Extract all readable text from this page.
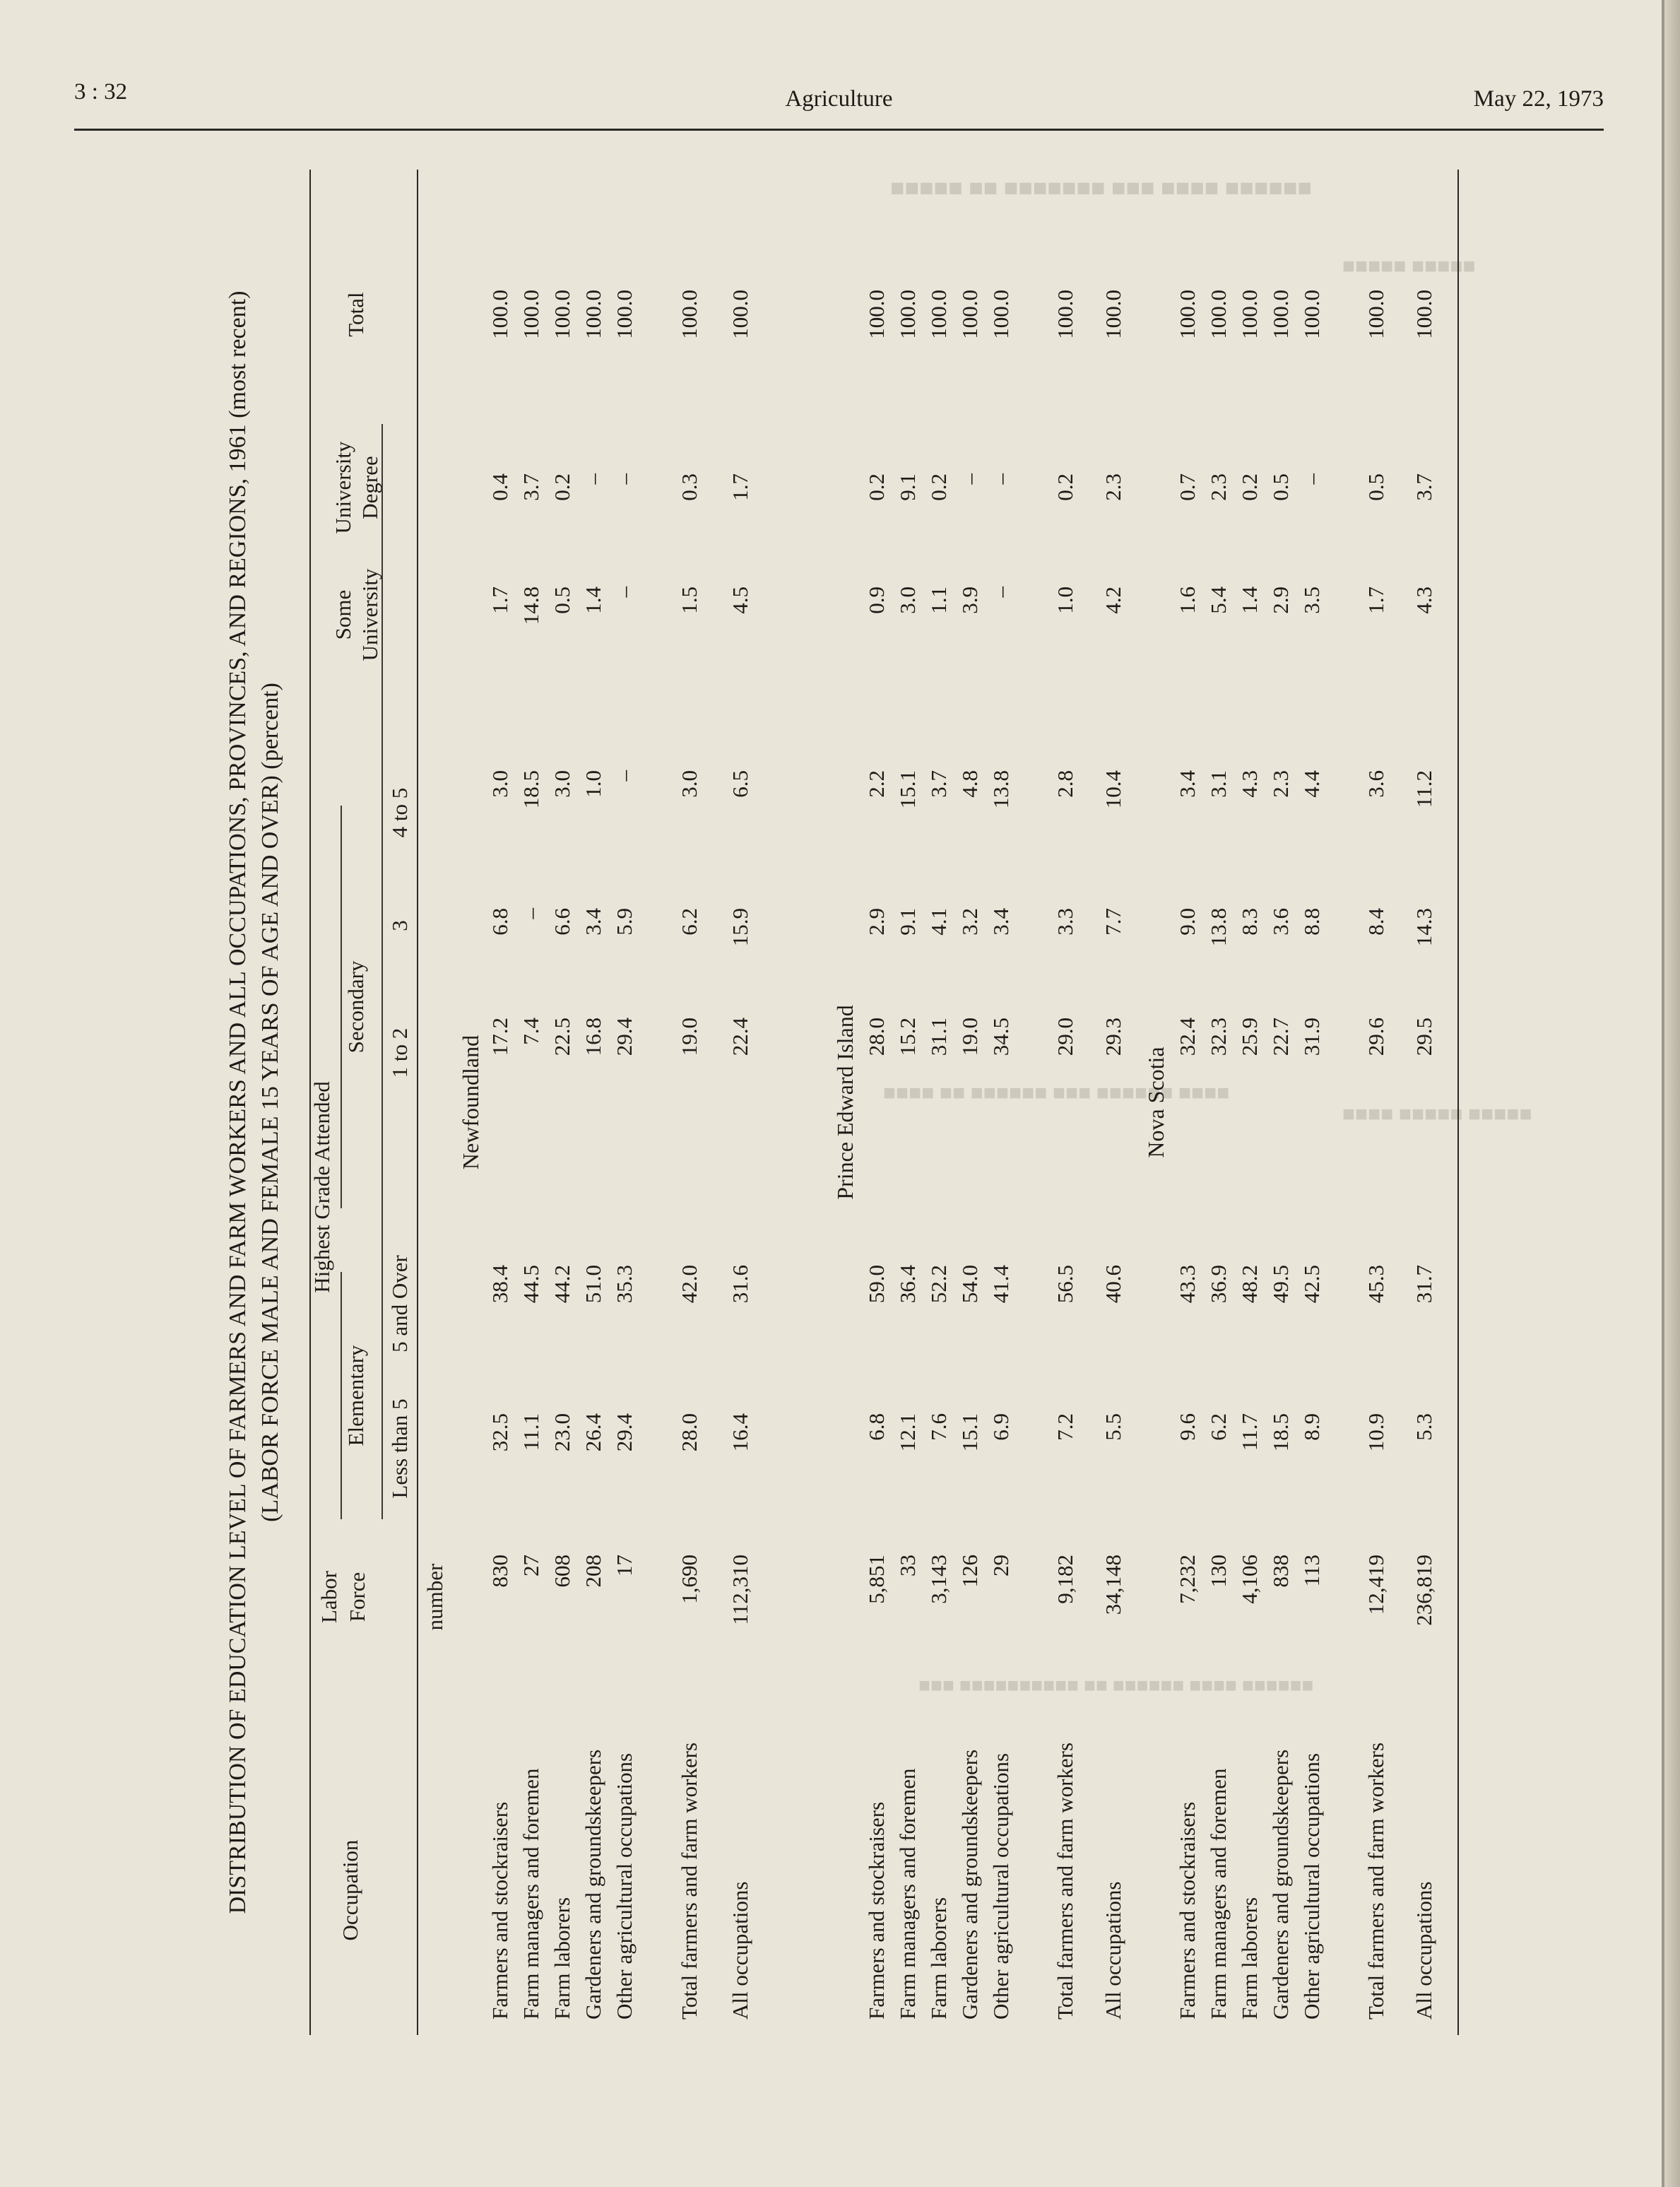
■■■■■■ ■■■■ ■■■ ■■■■■■■ ■■ ■■■■■
■■■■■ ■■■■■
■■■■■ ■■■■■ ■■■■
■■■■ ■■■■■■ ■■■ ■■■■■■ ■■ ■■■■
■■■■■■ ■■■■ ■■■■■■ ■■ ■■■■■■■■■■ ■■■
3 : 32	Agriculture	May 22, 1973
DISTRIBUTION OF EDUCATION LEVEL OF FARMERS AND FARM WORKERS AND ALL OCCUPATIONS, PROVINCES, AND REGIONS, 1961 (most recent) (LABOR FORCE MALE AND FEMALE 15 YEARS OF AGE AND OVER) (percent)
Occupation
Labor Force
Highest Grade Attended
Elementary
Secondary
Some University
University Degree
Total
Less than 5
5 and Over
1 to 2
3
4 to 5
number
Newfoundland
Farmers and stockraisers
830
32.5
38.4
17.2
6.8
3.0
1.7
0.4
100.0
Farm managers and foremen
27
11.1
44.5
7.4
–
18.5
14.8
3.7
100.0
Farm laborers
608
23.0
44.2
22.5
6.6
3.0
0.5
0.2
100.0
Gardeners and groundskeepers
208
26.4
51.0
16.8
3.4
1.0
1.4
–
100.0
Other agricultural occupations
17
29.4
35.3
29.4
5.9
–
–
–
100.0
Total farmers and farm workers
1,690
28.0
42.0
19.0
6.2
3.0
1.5
0.3
100.0
All occupations
112,310
16.4
31.6
22.4
15.9
6.5
4.5
1.7
100.0
Prince Edward Island
Farmers and stockraisers
5,851
6.8
59.0
28.0
2.9
2.2
0.9
0.2
100.0
Farm managers and foremen
33
12.1
36.4
15.2
9.1
15.1
3.0
9.1
100.0
Farm laborers
3,143
7.6
52.2
31.1
4.1
3.7
1.1
0.2
100.0
Gardeners and groundskeepers
126
15.1
54.0
19.0
3.2
4.8
3.9
–
100.0
Other agricultural occupations
29
6.9
41.4
34.5
3.4
13.8
–
–
100.0
Total farmers and farm workers
9,182
7.2
56.5
29.0
3.3
2.8
1.0
0.2
100.0
All occupations
34,148
5.5
40.6
29.3
7.7
10.4
4.2
2.3
100.0
Nova Scotia
Farmers and stockraisers
7,232
9.6
43.3
32.4
9.0
3.4
1.6
0.7
100.0
Farm managers and foremen
130
6.2
36.9
32.3
13.8
3.1
5.4
2.3
100.0
Farm laborers
4,106
11.7
48.2
25.9
8.3
4.3
1.4
0.2
100.0
Gardeners and groundskeepers
838
18.5
49.5
22.7
3.6
2.3
2.9
0.5
100.0
Other agricultural occupations
113
8.9
42.5
31.9
8.8
4.4
3.5
–
100.0
Total farmers and farm workers
12,419
10.9
45.3
29.6
8.4
3.6
1.7
0.5
100.0
All occupations
236,819
5.3
31.7
29.5
14.3
11.2
4.3
3.7
100.0
